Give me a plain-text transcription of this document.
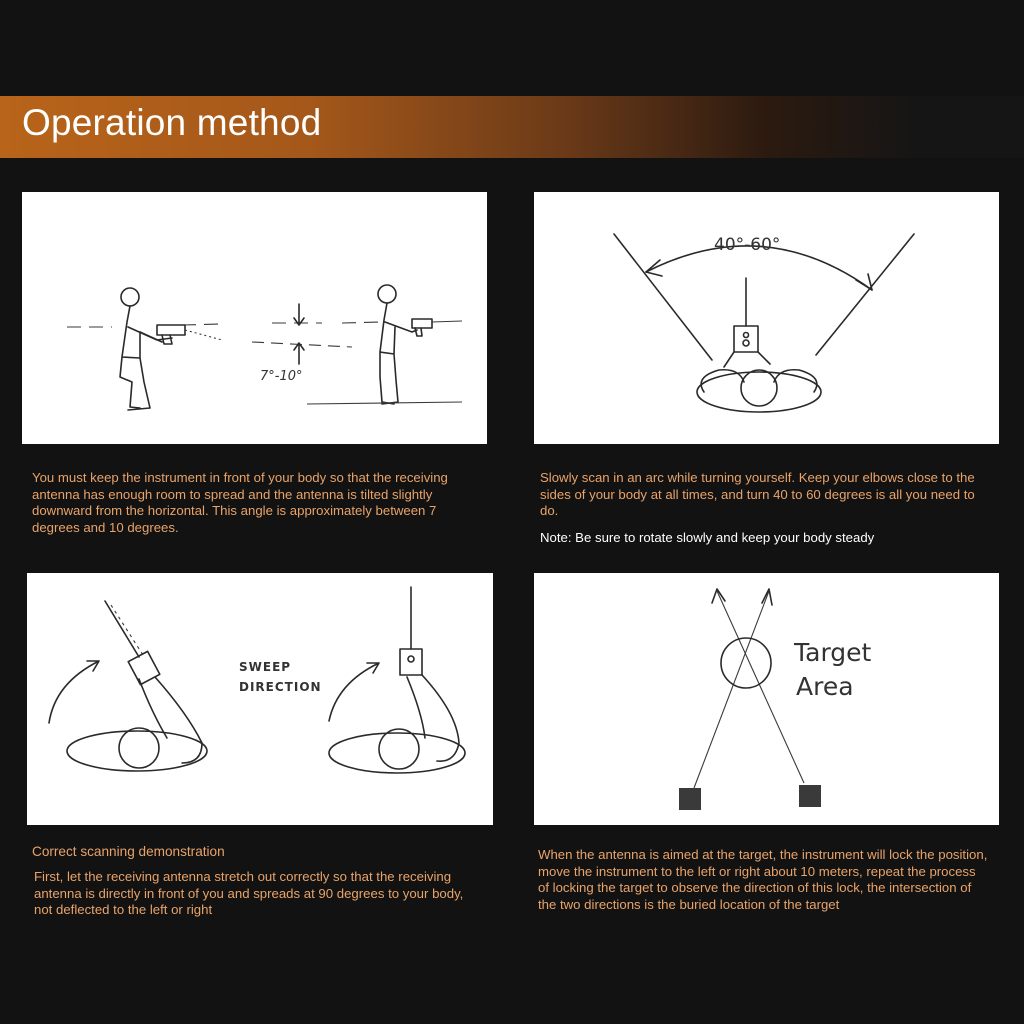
Operation method
7°-10°
You must keep the instrument in front of your body so that the receiving antenna has enough room to spread and the antenna is tilted slightly downward from the horizontal. This angle is approximately between 7 degrees and 10 degrees.
40°-60°
Slowly scan in an arc while turning yourself. Keep your elbows close to the sides of your body at all times, and turn 40 to 60 degrees is all you need to do.
Note: Be sure to rotate slowly and keep your body steady
SWEEP
DIRECTION
Correct scanning demonstration
First, let the receiving antenna stretch out correctly so that the receiving antenna is directly in front of you and spreads at 90 degrees to your body, not deflected to the left or right
Target
Area
When the antenna is aimed at the target, the instrument will lock the position, move the instrument to the left or right about 10 meters, repeat the process of locking the target to observe the direction of this lock, the intersection of the two directions is the buried location of the target
